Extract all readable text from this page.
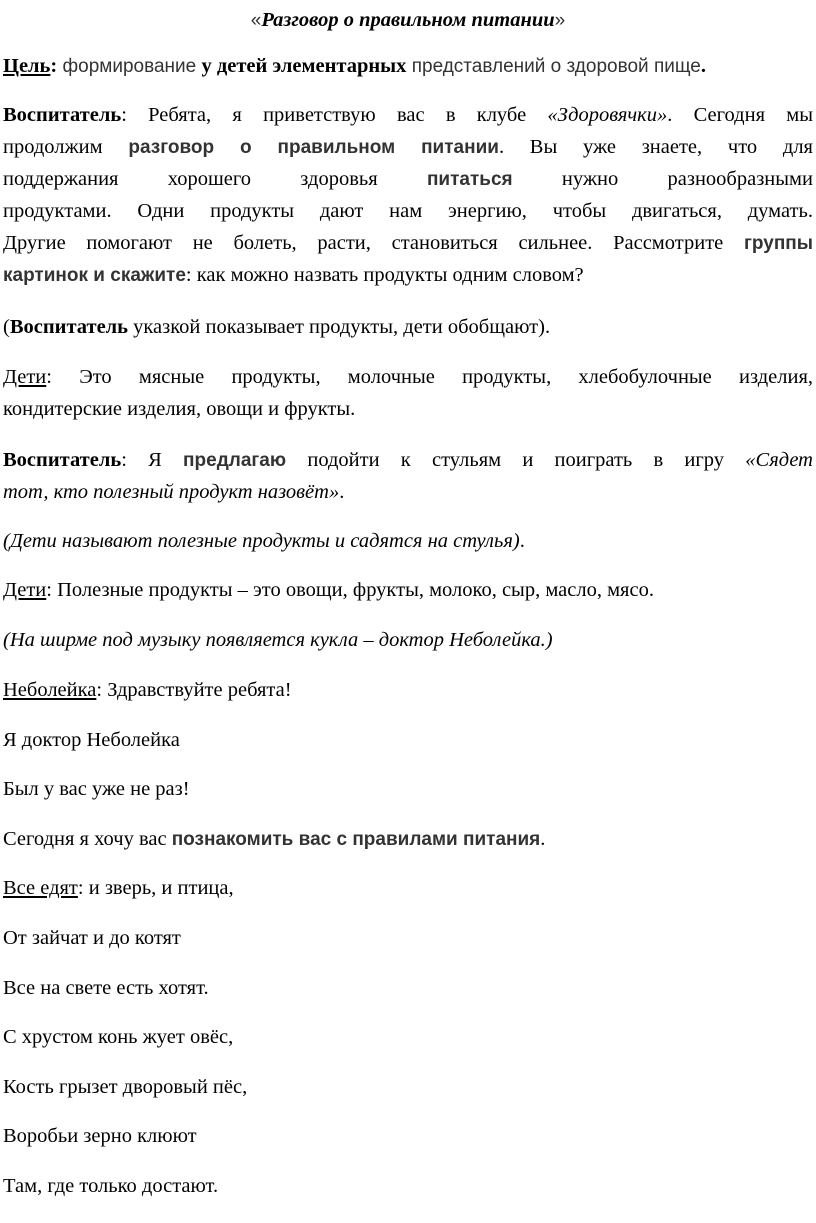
«Разговор о правильном питании»
Цель: формирование у детей элементарных представлений о здоровой пище.
Воспитатель: Ребята, я приветствую вас в клубе «Здоровячки». Сегодня мы
продолжим разговор о правильном питании. Вы уже знаете, что для
поддержания хорошего здоровья питаться нужно разнообразными
продуктами. Одни продукты дают нам энергию, чтобы двигаться, думать.
Другие помогают не болеть, расти, становиться сильнее. Рассмотрите группы
картинок и скажите: как можно назвать продукты одним словом?
(Воспитатель указкой показывает продукты, дети обобщают).
Дети: Это мясные продукты, молочные продукты, хлебобулочные изделия,
кондитерские изделия, овощи и фрукты.
Воспитатель: Я предлагаю подойти к стульям и поиграть в игру «Сядет
тот, кто полезный продукт назовёт».
(Дети называют полезные продукты и садятся на стулья).
Дети: Полезные продукты – это овощи, фрукты, молоко, сыр, масло, мясо.
(На ширме под музыку появляется кукла – доктор Неболейка.)
Неболейка: Здравствуйте ребята!
Я доктор Неболейка
Был у вас уже не раз!
Сегодня я хочу вас познакомить вас с правилами питания.
Все едят: и зверь, и птица,
От зайчат и до котят
Все на свете есть хотят.
С хрустом конь жует овёс,
Кость грызет дворовый пёс,
Воробьи зерно клюют
Там, где только достают.
